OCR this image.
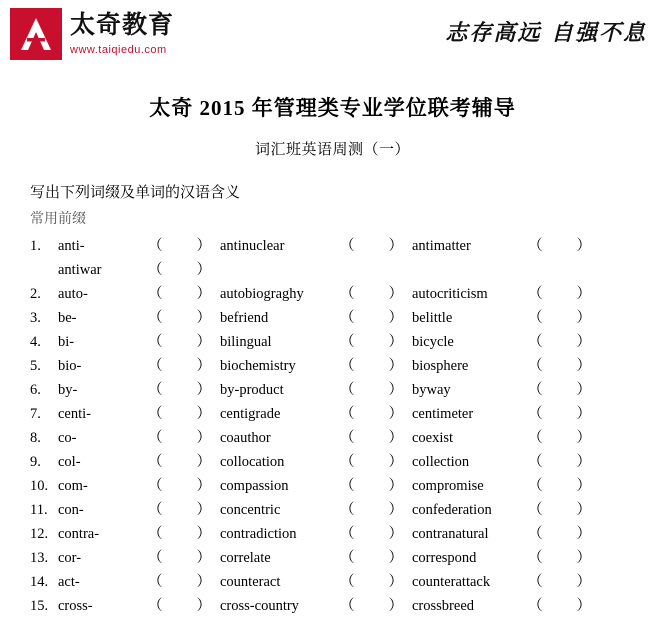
太奇教育
www.taiqiedu.com
志存高远 自强不息
太奇 2015 年管理类专业学位联考辅导
词汇班英语周测（一）
写出下列词缀及单词的汉语含义
常用前缀
1.	anti-	（ ） antinuclear	（ ） antimatter	（ ）
antiwar	（ ）
2.	auto-	（ ） autobiograghy	（ ） autocriticism	（ ）
3.	be-	（ ） befriend	（ ） belittle	（ ）
4.	bi-	（ ） bilingual	（ ） bicycle	（ ）
5.	bio-	（ ） biochemistry	（ ） biosphere	（ ）
6.	by-	（ ） by-product	（ ） byway	（ ）
7.	centi-	（ ） centigrade	（ ） centimeter	（ ）
8.	co-	（ ） coauthor	（ ） coexist	（ ）
9.	col-	（ ） collocation	（ ） collection	（ ）
10. com-	（ ） compassion	（ ） compromise	（ ）
11. con-	（ ） concentric	（ ） confederation	（ ）
12. contra-	（ ） contradiction	（ ） contranatural	（ ）
13. cor-	（ ） correlate	（ ） correspond	（ ）
14. act-	（ ） counteract	（ ） counterattack	（ ）
15. cross-	（ ） cross-country	（ ） crossbreed	（ ）
